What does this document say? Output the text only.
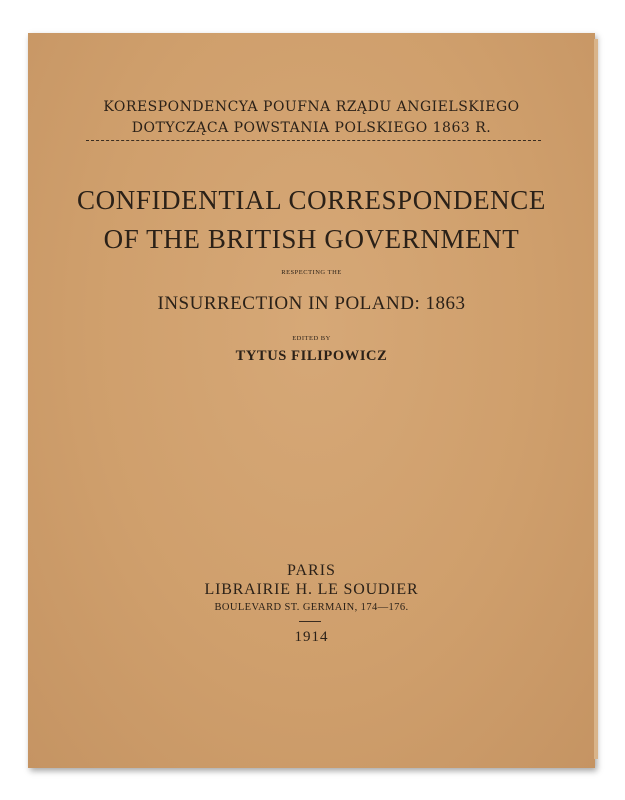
KORESPONDENCYA POUFNA RZĄDU ANGIELSKIEGO
DOTYCZĄCA POWSTANIA POLSKIEGO 1863 R.
CONFIDENTIAL CORRESPONDENCE
OF THE BRITISH GOVERNMENT
RESPECTING THE
INSURRECTION IN POLAND: 1863
EDITED BY
TYTUS FILIPOWICZ
PARIS
LIBRAIRIE H. LE SOUDIER
BOULEVARD ST. GERMAIN, 174—176.
1914
